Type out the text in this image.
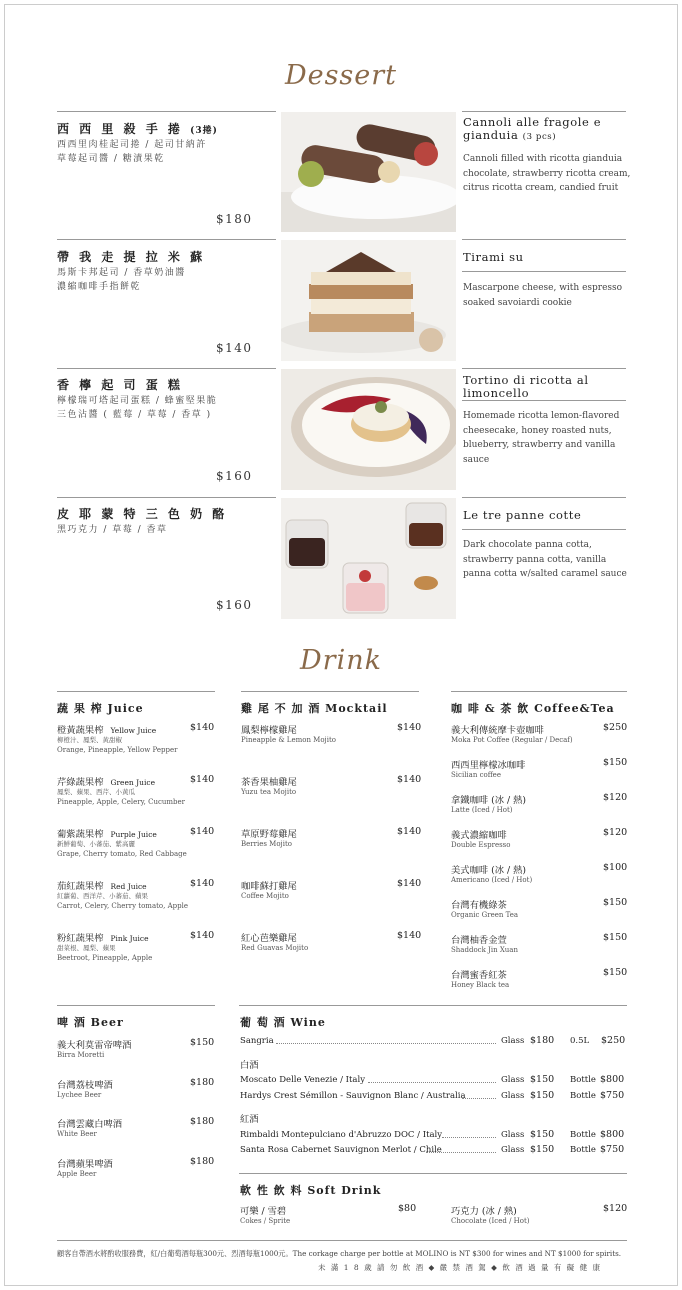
Dessert
西 西 里 殺 手 捲 (3捲)
西西里肉桂起司捲 / 起司甘納許
草莓起司醬 / 糖漬果乾
$180
Cannoli alle fragole e gianduia (3 pcs)
Cannoli filled with ricotta gianduia chocolate, strawberry ricotta cream, citrus ricotta cream, candied fruit
帶 我 走 提 拉 米 蘇
馬斯卡邦起司 / 香草奶油醬
濃縮咖啡手指餅乾
$140
Tirami su
Mascarpone cheese, with espresso soaked savoiardi cookie
香 檸 起 司 蛋 糕
檸檬瑞可塔起司蛋糕 / 蜂蜜堅果脆
三色沾醬 ( 藍莓 / 草莓 / 香草 )
$160
Tortino di ricotta al limoncello
Homemade ricotta lemon-flavored cheesecake, honey roasted nuts, blueberry, strawberry and vanilla sauce
皮 耶 蒙 特 三 色 奶 酪
黑巧克力 / 草莓 / 香草
$160
Le tre panne cotte
Dark chocolate panna cotta, strawberry panna cotta, vanilla panna cotta w/salted caramel sauce
Drink
蔬 果 榨 Juice	雞 尾 不 加 酒 Mocktail	咖 啡 & 茶 飲 Coffee&Tea
橙黃蔬果榨 Yellow Juice
柳橙汁、鳳梨、黃甜椒
Orange, Pineapple, Yellow Pepper
$140
芹綠蔬果榨 Green Juice
鳳梨、蘋果、西芹、小黃瓜
Pineapple, Apple, Celery, Cucumber
$140
葡紫蔬果榨 Purple Juice
新鮮葡萄、小蕃茄、紫高麗
Grape, Cherry tomato, Red Cabbage
$140
茄紅蔬果榨 Red Juice
紅蘿蔔、西洋芹、小蕃茄、蘋果
Carrot, Celery, Cherry tomato, Apple
$140
粉紅蔬果榨 Pink Juice
甜菜根、鳳梨、蘋果
Beetroot, Pineapple, Apple
$140
鳳梨檸檬雞尾
Pineapple & Lemon Mojito
$140
茶香果柚雞尾
Yuzu tea Mojito
$140
草原野莓雞尾
Berries Mojito
$140
咖啡蘇打雞尾
Coffee Mojito
$140
紅心芭樂雞尾
Red Guavas Mojito
$140
義大利傳統摩卡壺咖啡
Moka Pot Coffee (Regular / Decaf)
$250
西西里檸檬冰咖啡
Sicilian coffee
$150
拿鐵咖啡 (冰 / 熱)
Latte (Iced / Hot)
$120
義式濃縮咖啡
Double Espresso
$120
美式咖啡 (冰 / 熱)
Americano (Iced / Hot)
$100
台灣有機綠茶
Organic Green Tea
$150
台灣柚香金萱
Shaddock Jin Xuan
$150
台灣蜜香紅茶
Honey Black tea
$150
啤 酒 Beer
義大利莫雷帝啤酒
Birra Moretti
$150
台灣荔枝啤酒
Lychee Beer
$180
台灣雲藏白啤酒
White Beer
$180
台灣蘋果啤酒
Apple Beer
$180
葡 萄 酒 Wine
Sangria	Glass $180 0.5L $250
白酒
Moscato Delle Venezie / Italy	Glass $150 Bottle $800
Hardys Crest Sémillon - Sauvignon Blanc / Australia	Glass $150 Bottle $750
紅酒
Rimbaldi Montepulciano d'Abruzzo DOC / Italy	Glass $150 Bottle $800
Santa Rosa Cabernet Sauvignon Merlot / Chile	Glass $150 Bottle $750
軟 性 飲 料 Soft Drink
可樂 / 雪碧
Cokes / Sprite
$80	巧克力 (冰 / 熱)
Chocolate (Iced / Hot)
$120
顧客自帶酒水將酌收服務費，紅/白葡萄酒每瓶300元、烈酒每瓶1000元。The corkage charge per bottle at MOLINO is NT $300 for wines and NT $1000 for spirits.
未 滿 1 8 歲 請 勿 飲 酒 ◆ 嚴 禁 酒 駕 ◆ 飲 酒 過 量 有 礙 健 康
